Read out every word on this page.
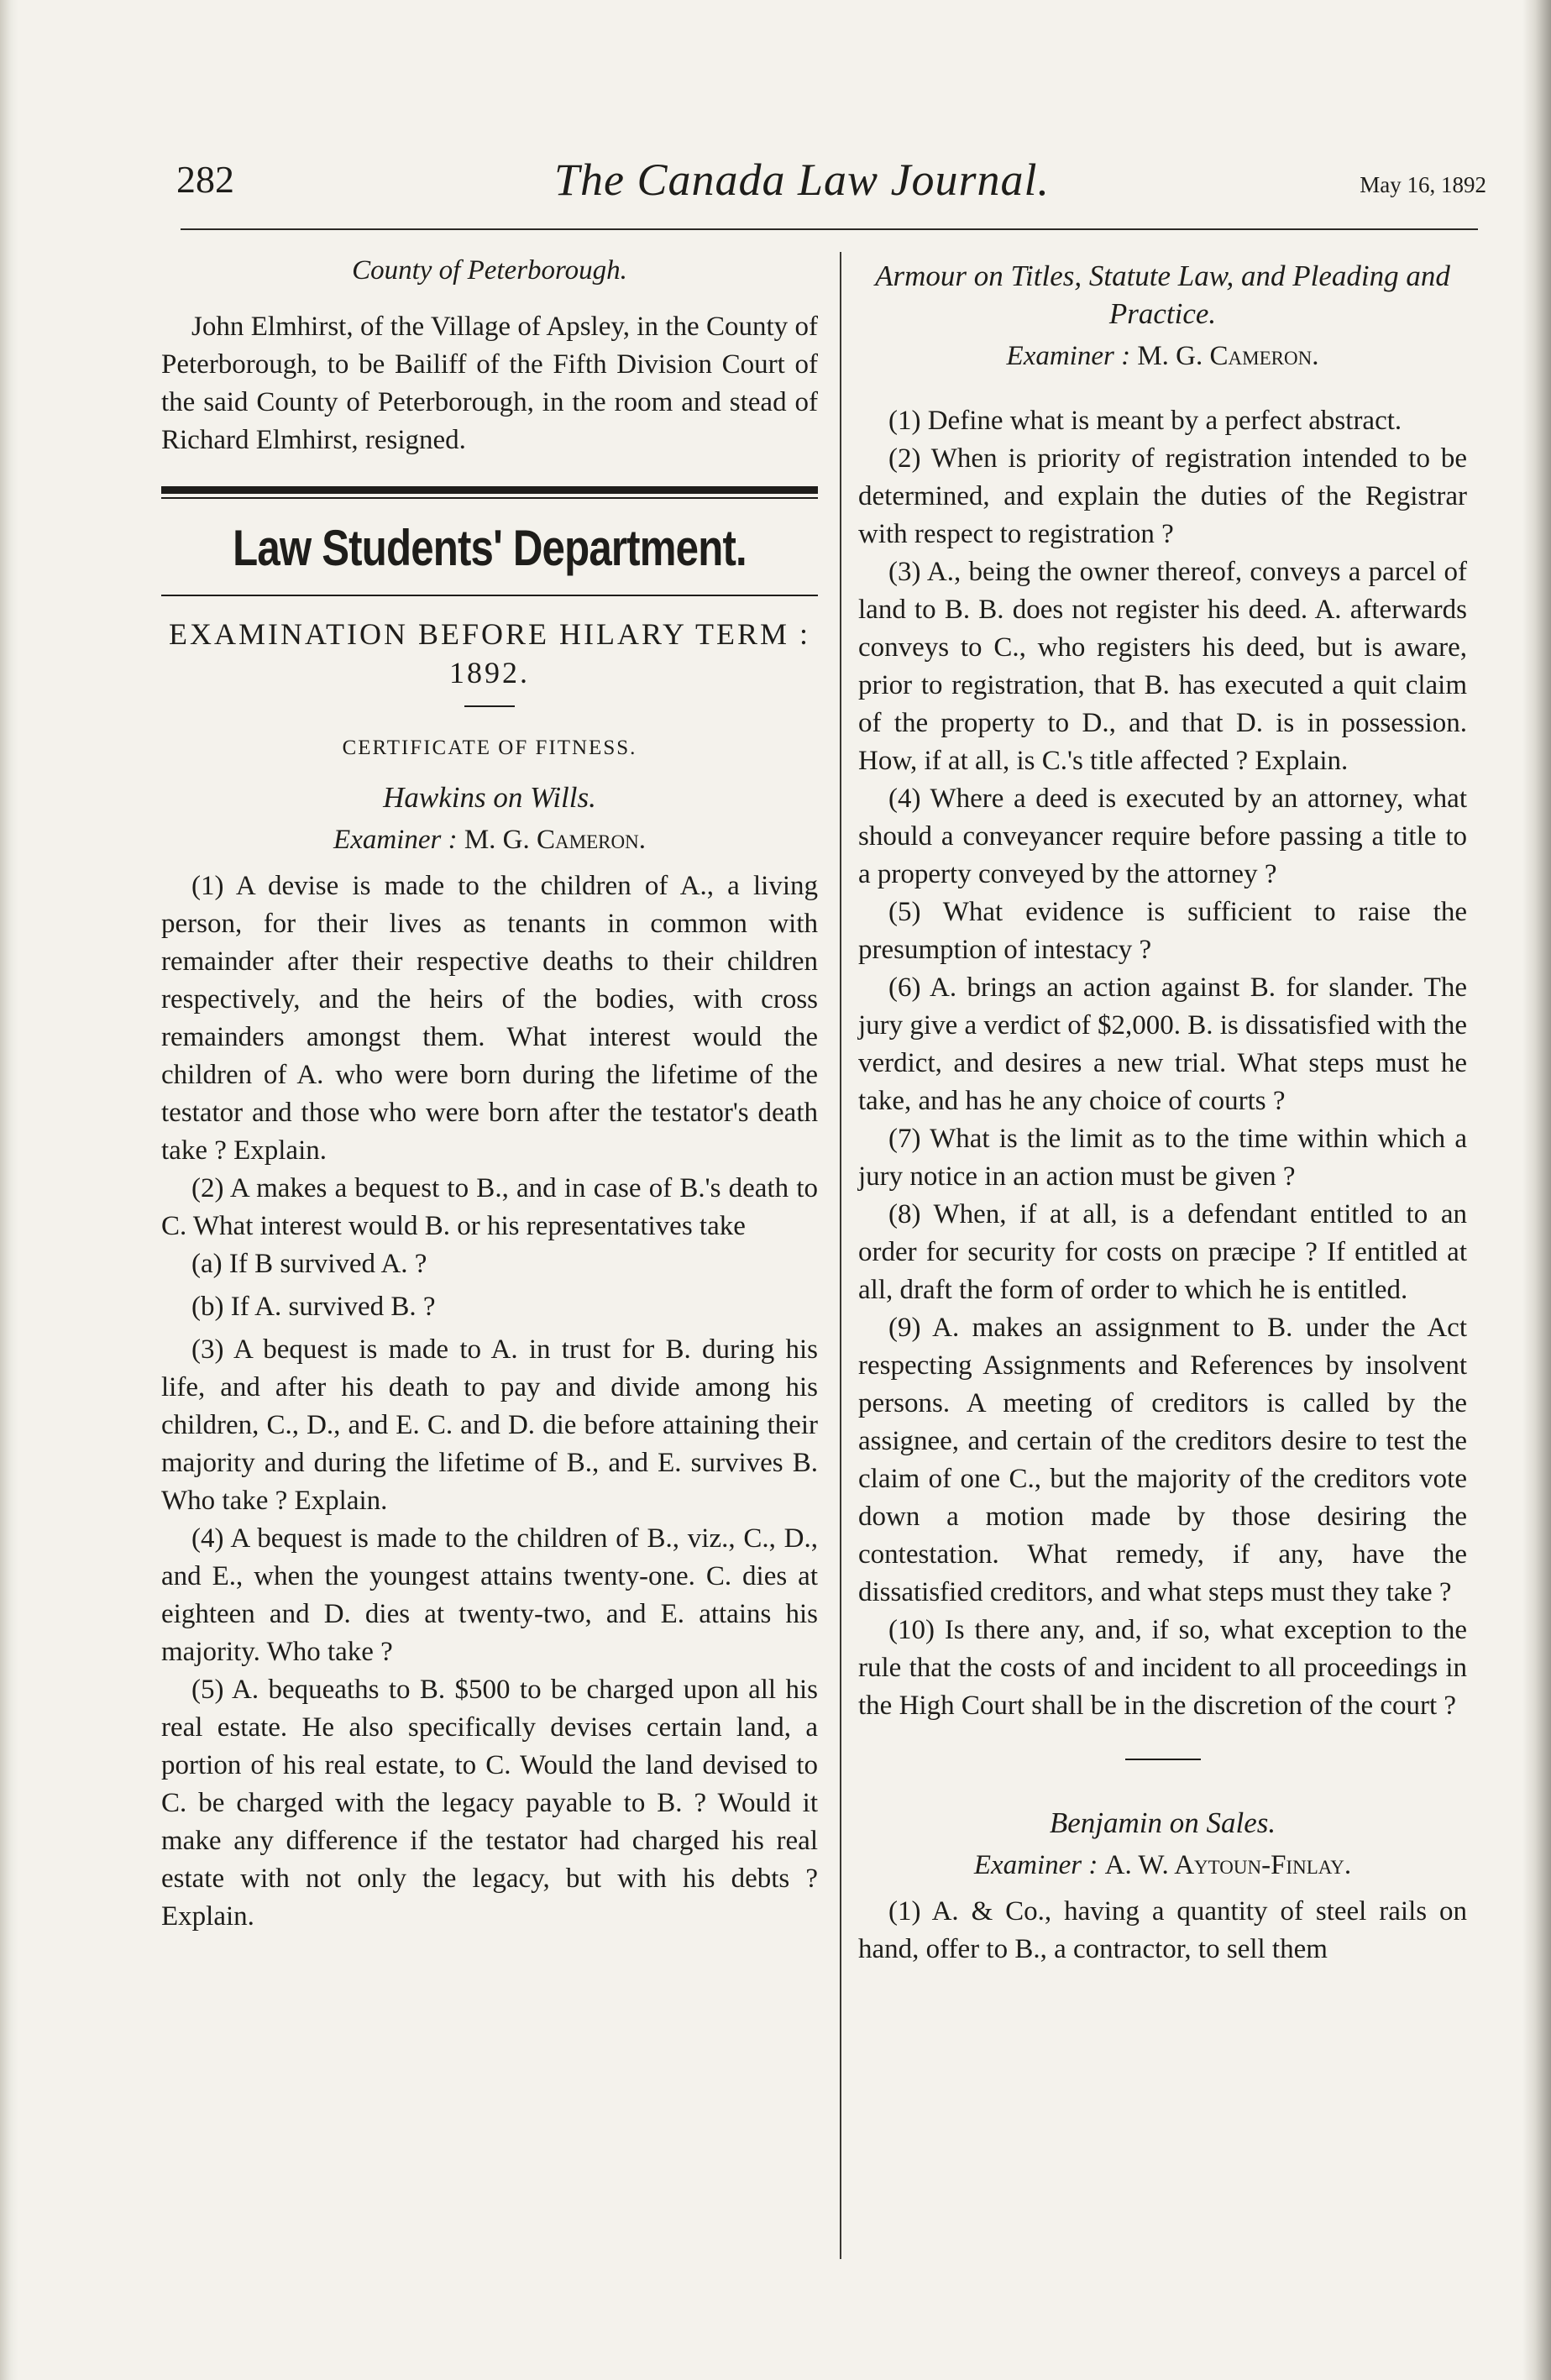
282	The Canada Law Journal.	May 16, 1892

County of Peterborough.

John Elmhirst, of the Village of Apsley, in the County of Peterborough, to be Bailiff of the Fifth Division Court of the said County of Peterborough, in the room and stead of Richard Elmhirst, resigned.

Law Students' Department.

EXAMINATION BEFORE HILARY TERM : 1892.

CERTIFICATE OF FITNESS.

Hawkins on Wills.

Examiner : M. G. Cameron.

(1) A devise is made to the children of A., a living person, for their lives as tenants in common with remainder after their respective deaths to their children respectively, and the heirs of the bodies, with cross remainders amongst them. What interest would the children of A. who were born during the lifetime of the testator and those who were born after the testator's death take ? Explain.

(2) A makes a bequest to B., and in case of B.'s death to C. What interest would B. or his representatives take

(a) If B survived A. ?

(b) If A. survived B. ?

(3) A bequest is made to A. in trust for B. during his life, and after his death to pay and divide among his children, C., D., and E. C. and D. die before attaining their majority and during the lifetime of B., and E. survives B. Who take ? Explain.

(4) A bequest is made to the children of B., viz., C., D., and E., when the youngest attains twenty-one. C. dies at eighteen and D. dies at twenty-two, and E. attains his majority. Who take ?

(5) A. bequeaths to B. $500 to be charged upon all his real estate. He also specifically devises certain land, a portion of his real estate, to C. Would the land devised to C. be charged with the legacy payable to B. ? Would it make any difference if the testator had charged his real estate with not only the legacy, but with his debts ? Explain.

Armour on Titles, Statute Law, and Pleading and Practice.

Examiner : M. G. Cameron.

(1) Define what is meant by a perfect abstract.

(2) When is priority of registration intended to be determined, and explain the duties of the Registrar with respect to registration ?

(3) A., being the owner thereof, conveys a parcel of land to B. B. does not register his deed. A. afterwards conveys to C., who registers his deed, but is aware, prior to registration, that B. has executed a quit claim of the property to D., and that D. is in possession. How, if at all, is C.'s title affected ? Explain.

(4) Where a deed is executed by an attorney, what should a conveyancer require before passing a title to a property conveyed by the attorney ?

(5) What evidence is sufficient to raise the presumption of intestacy ?

(6) A. brings an action against B. for slander. The jury give a verdict of $2,000. B. is dissatisfied with the verdict, and desires a new trial. What steps must he take, and has he any choice of courts ?

(7) What is the limit as to the time within which a jury notice in an action must be given ?

(8) When, if at all, is a defendant entitled to an order for security for costs on præcipe ? If entitled at all, draft the form of order to which he is entitled.

(9) A. makes an assignment to B. under the Act respecting Assignments and References by insolvent persons. A meeting of creditors is called by the assignee, and certain of the creditors desire to test the claim of one C., but the majority of the creditors vote down a motion made by those desiring the contestation. What remedy, if any, have the dissatisfied creditors, and what steps must they take ?

(10) Is there any, and, if so, what exception to the rule that the costs of and incident to all proceedings in the High Court shall be in the discretion of the court ?

Benjamin on Sales.

Examiner : A. W. Aytoun-Finlay.

(1) A. & Co., having a quantity of steel rails on hand, offer to B., a contractor, to sell them
